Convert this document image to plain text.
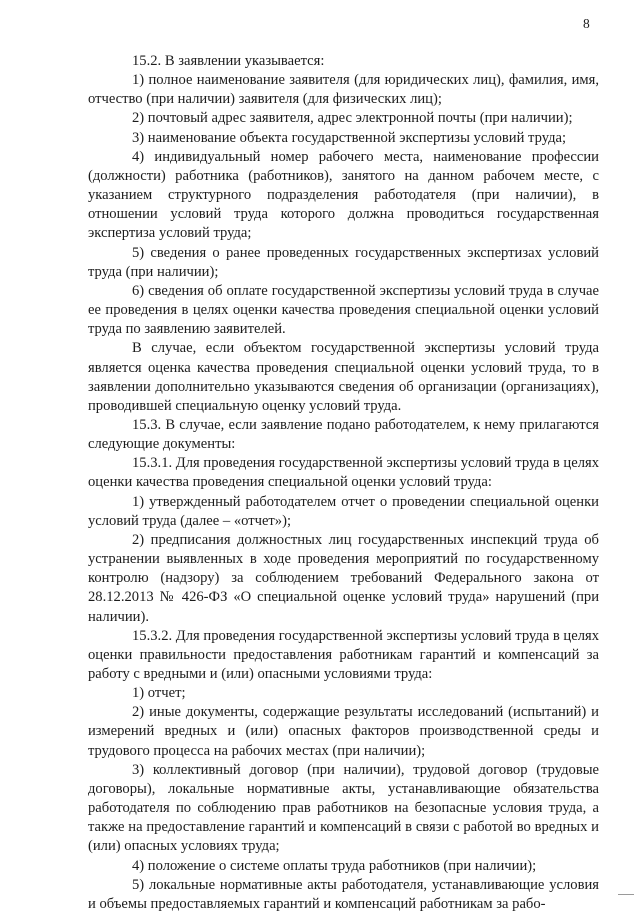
8

15.2. В заявлении указывается:

1) полное наименование заявителя (для юридических лиц), фамилия, имя, отчество (при наличии) заявителя (для физических лиц);

2) почтовый адрес заявителя, адрес электронной почты (при наличии);

3) наименование объекта государственной экспертизы условий труда;

4) индивидуальный номер рабочего места, наименование профессии (должности) работника (работников), занятого на данном рабочем месте, с указанием структурного подразделения работодателя (при наличии), в отношении условий труда которого должна проводиться государственная экспертиза условий труда;

5) сведения о ранее проведенных государственных экспертизах условий труда (при наличии);

6) сведения об оплате государственной экспертизы условий труда в случае ее проведения в целях оценки качества проведения специальной оценки условий труда по заявлению заявителей.

В случае, если объектом государственной экспертизы условий труда является оценка качества проведения специальной оценки условий труда, то в заявлении дополнительно указываются сведения об организации (организациях), проводившей специальную оценку условий труда.

15.3. В случае, если заявление подано работодателем, к нему прилагаются следующие документы:

15.3.1. Для проведения государственной экспертизы условий труда в целях оценки качества проведения специальной оценки условий труда:

1) утвержденный работодателем отчет о проведении специальной оценки условий труда (далее – «отчет»);

2) предписания должностных лиц государственных инспекций труда об устранении выявленных в ходе проведения мероприятий по государственному контролю (надзору) за соблюдением требований Федерального закона от 28.12.2013 № 426-ФЗ «О специальной оценке условий труда» нарушений (при наличии).

15.3.2. Для проведения государственной экспертизы условий труда в целях оценки правильности предоставления работникам гарантий и компенсаций за работу с вредными и (или) опасными условиями труда:

1) отчет;

2) иные документы, содержащие результаты исследований (испытаний) и измерений вредных и (или) опасных факторов производственной среды и трудового процесса на рабочих местах (при наличии);

3) коллективный договор (при наличии), трудовой договор (трудовые договоры), локальные нормативные акты, устанавливающие обязательства работодателя по соблюдению прав работников на безопасные условия труда, а также на предоставление гарантий и компенсаций в связи с работой во вредных и (или) опасных условиях труда;

4) положение о системе оплаты труда работников (при наличии);

5) локальные нормативные акты работодателя, устанавливающие условия и объемы предоставляемых гарантий и компенсаций работникам за рабо-
